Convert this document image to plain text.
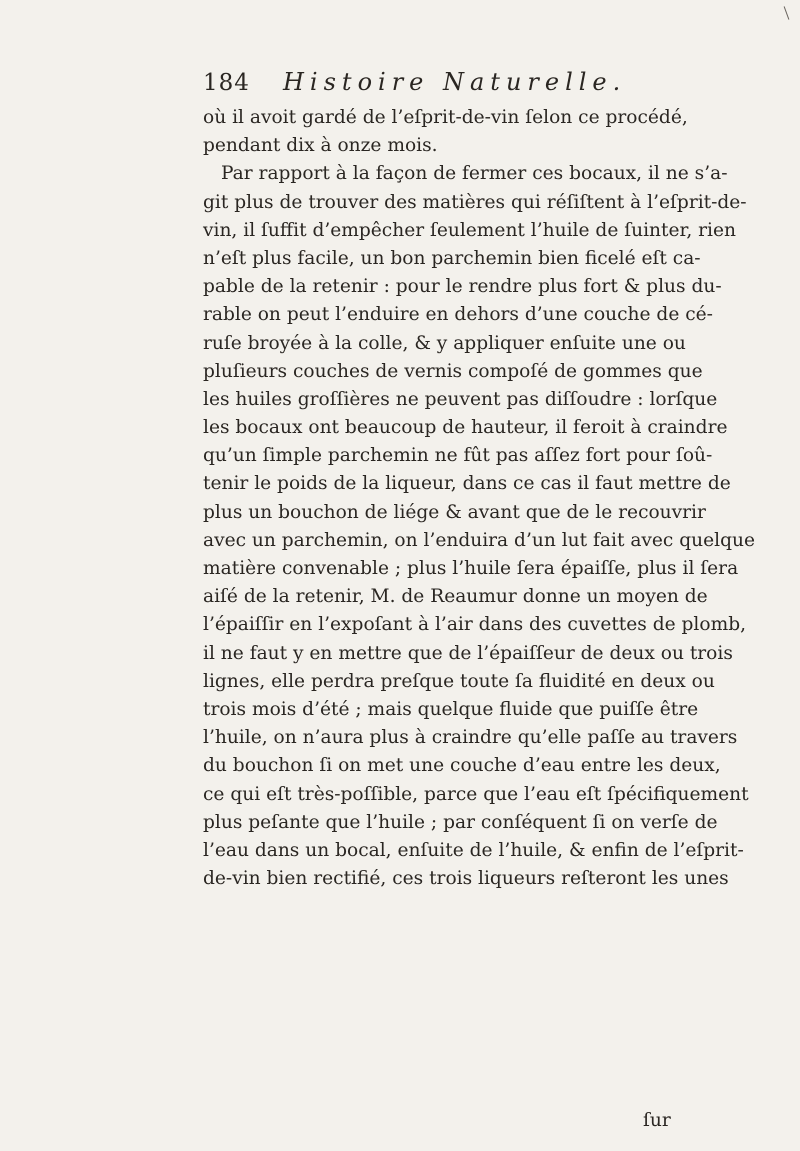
184 Histoire Naturelle.
où il avoit gardé de l’eſprit-de-vin ſelon ce procédé,
pendant dix à onze mois.
Par rapport à la façon de fermer ces bocaux, il ne s’a-
git plus de trouver des matières qui réſiſtent à l’eſprit-de-
vin, il ſuffit d’empêcher ſeulement l’huile de ſuinter, rien
n’eſt plus facile, un bon parchemin bien ficelé eſt ca-
pable de la retenir : pour le rendre plus fort & plus du-
rable on peut l’enduire en dehors d’une couche de cé-
ruſe broyée à la colle, & y appliquer enſuite une ou
pluſieurs couches de vernis compoſé de gommes que
les huiles groſſières ne peuvent pas diſſoudre : lorſque
les bocaux ont beaucoup de hauteur, il feroit à craindre
qu’un ſimple parchemin ne fût pas aſſez fort pour ſoû-
tenir le poids de la liqueur, dans ce cas il faut mettre de
plus un bouchon de liége & avant que de le recouvrir
avec un parchemin, on l’enduira d’un lut fait avec quelque
matière convenable ; plus l’huile ſera épaiſſe, plus il ſera
aiſé de la retenir, M. de Reaumur donne un moyen de
l’épaiſſir en l’expoſant à l’air dans des cuvettes de plomb,
il ne faut y en mettre que de l’épaiſſeur de deux ou trois
lignes, elle perdra preſque toute ſa fluidité en deux ou
trois mois d’été ; mais quelque fluide que puiſſe être
l’huile, on n’aura plus à craindre qu’elle paſſe au travers
du bouchon ſi on met une couche d’eau entre les deux,
ce qui eſt très-poſſible, parce que l’eau eſt ſpécifiquement
plus peſante que l’huile ; par conſéquent ſi on verſe de
l’eau dans un bocal, enſuite de l’huile, & enfin de l’eſprit-
de-vin bien rectifié, ces trois liqueurs reſteront les unes
ſur
